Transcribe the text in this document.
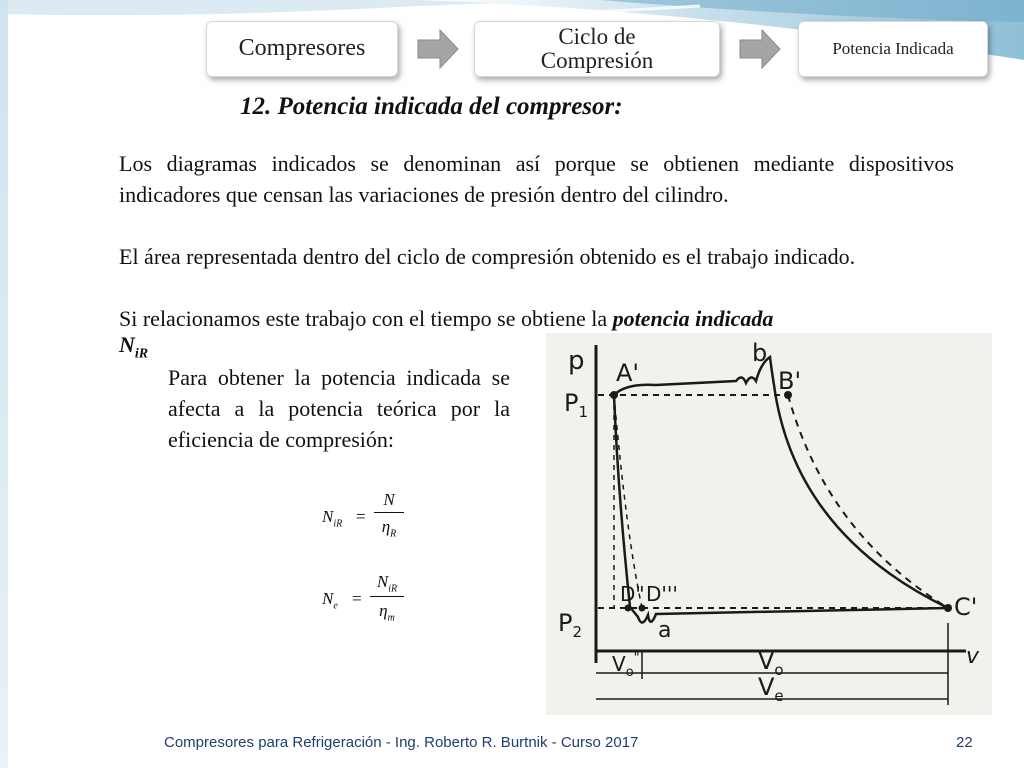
Compresores	Ciclo de
Compresión	Potencia Indicada
12. Potencia indicada del compresor:
Los diagramas indicados se denominan así porque se obtienen mediante dispositivos indicadores que censan las variaciones de presión dentro del cilindro.
El área representada dentro del ciclo de compresión obtenido es el trabajo indicado.
Si relacionamos este trabajo con el tiempo se obtiene la potencia indicada
$N_{iR}$
Para obtener la potencia indicada se afecta a la potencia teórica por la eficiencia de compresión:
$N_{iR} = \frac{N}{\eta_R}$
$N_e$ =
$N_{iR}$
$\eta_m$
p
$P_1$
$P_2$
A'
b
B'
C'
D" D'''
a
v
$V_o^"$	$V_o$
$V_e$
Compresores para Refrigeración - Ing. Roberto R. Burtnik - Curso 2017	22
